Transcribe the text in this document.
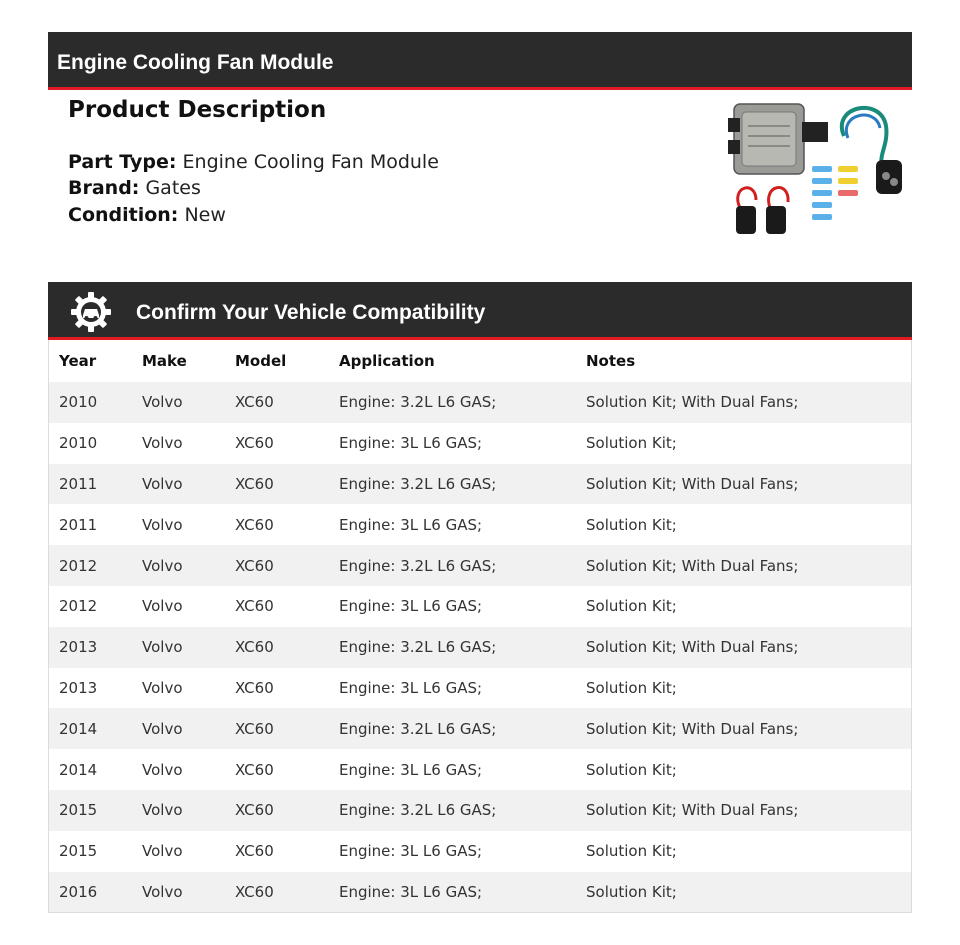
Engine Cooling Fan Module
Product Description
Part Type: Engine Cooling Fan Module
Brand: Gates
Condition: New
Confirm Your Vehicle Compatibility
Year	Make	Model	Application	Notes
2010	Volvo	XC60	Engine: 3.2L L6 GAS;	Solution Kit; With Dual Fans;
2010	Volvo	XC60	Engine: 3L L6 GAS;	Solution Kit;
2011	Volvo	XC60	Engine: 3.2L L6 GAS;	Solution Kit; With Dual Fans;
2011	Volvo	XC60	Engine: 3L L6 GAS;	Solution Kit;
2012	Volvo	XC60	Engine: 3.2L L6 GAS;	Solution Kit; With Dual Fans;
2012	Volvo	XC60	Engine: 3L L6 GAS;	Solution Kit;
2013	Volvo	XC60	Engine: 3.2L L6 GAS;	Solution Kit; With Dual Fans;
2013	Volvo	XC60	Engine: 3L L6 GAS;	Solution Kit;
2014	Volvo	XC60	Engine: 3.2L L6 GAS;	Solution Kit; With Dual Fans;
2014	Volvo	XC60	Engine: 3L L6 GAS;	Solution Kit;
2015	Volvo	XC60	Engine: 3.2L L6 GAS;	Solution Kit; With Dual Fans;
2015	Volvo	XC60	Engine: 3L L6 GAS;	Solution Kit;
2016	Volvo	XC60	Engine: 3L L6 GAS;	Solution Kit;
